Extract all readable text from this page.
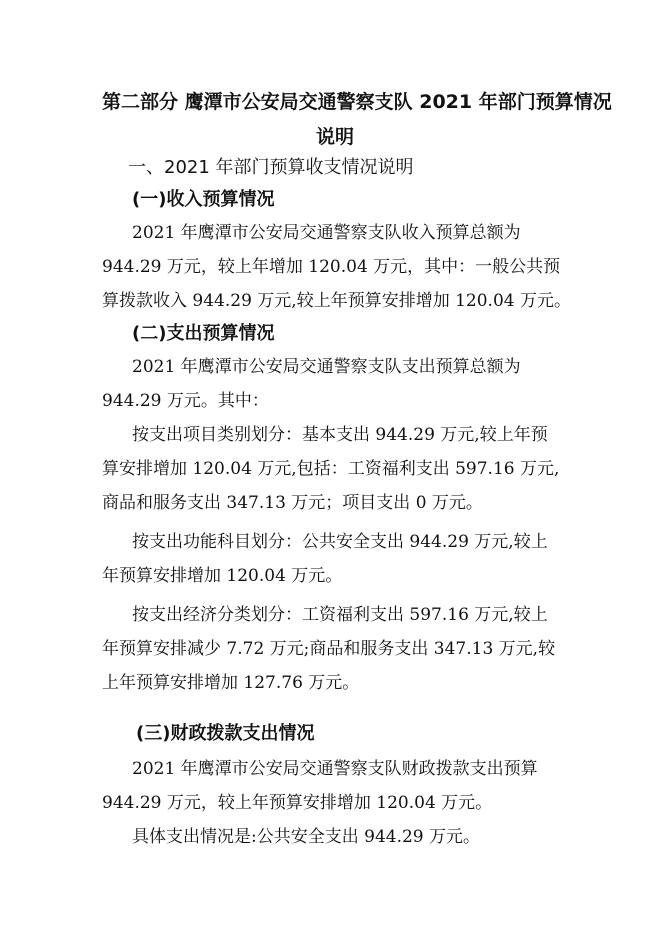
第二部分 鹰潭市公安局交通警察支队 2021 年部门预算情况
说明
一、2021 年部门预算收支情况说明
(一)收入预算情况
2021 年鹰潭市公安局交通警察支队收入预算总额为
944.29 万元，较上年增加 120.04 万元，其中：一般公共预
算拨款收入 944.29 万元,较上年预算安排增加 120.04 万元。
(二)支出预算情况
2021 年鹰潭市公安局交通警察支队支出预算总额为
944.29 万元。其中：
按支出项目类别划分：基本支出 944.29 万元,较上年预
算安排增加 120.04 万元,包括：工资福利支出 597.16 万元,
商品和服务支出 347.13 万元；项目支出 0 万元。
按支出功能科目划分：公共安全支出 944.29 万元,较上
年预算安排增加 120.04 万元。
按支出经济分类划分：工资福利支出 597.16 万元,较上
年预算安排减少 7.72 万元;商品和服务支出 347.13 万元,较
上年预算安排增加 127.76 万元。
(三)财政拨款支出情况
2021 年鹰潭市公安局交通警察支队财政拨款支出预算
944.29 万元，较上年预算安排增加 120.04 万元。
具体支出情况是:公共安全支出 944.29 万元。
